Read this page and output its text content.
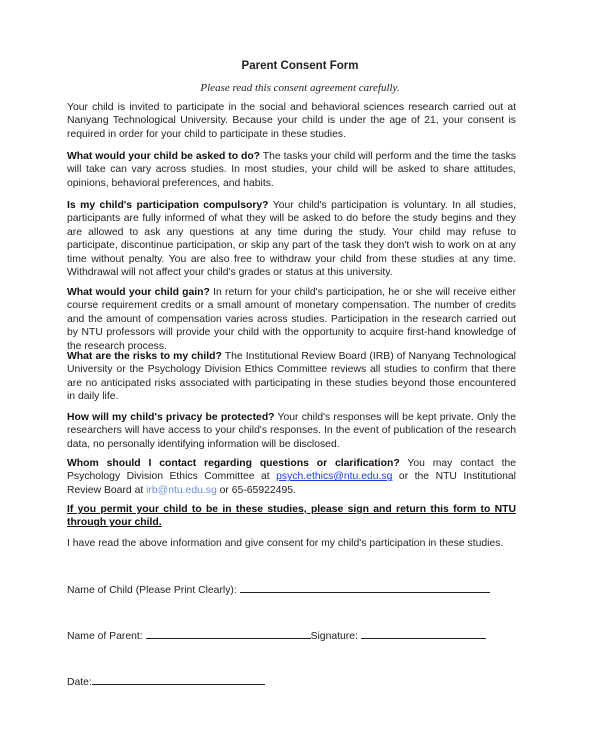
Parent Consent Form
Please read this consent agreement carefully.
Your child is invited to participate in the social and behavioral sciences research carried out at Nanyang Technological University. Because your child is under the age of 21, your consent is required in order for your child to participate in these studies.
What would your child be asked to do? The tasks your child will perform and the time the tasks will take can vary across studies. In most studies, your child will be asked to share attitudes, opinions, behavioral preferences, and habits.
Is my child's participation compulsory? Your child's participation is voluntary. In all studies, participants are fully informed of what they will be asked to do before the study begins and they are allowed to ask any questions at any time during the study. Your child may refuse to participate, discontinue participation, or skip any part of the task they don't wish to work on at any time without penalty. You are also free to withdraw your child from these studies at any time. Withdrawal will not affect your child's grades or status at this university.
What would your child gain? In return for your child's participation, he or she will receive either course requirement credits or a small amount of monetary compensation. The number of credits and the amount of compensation varies across studies. Participation in the research carried out by NTU professors will provide your child with the opportunity to acquire first-hand knowledge of the research process.
What are the risks to my child? The Institutional Review Board (IRB) of Nanyang Technological University or the Psychology Division Ethics Committee reviews all studies to confirm that there are no anticipated risks associated with participating in these studies beyond those encountered in daily life.
How will my child's privacy be protected? Your child's responses will be kept private. Only the researchers will have access to your child's responses. In the event of publication of the research data, no personally identifying information will be disclosed.
Whom should I contact regarding questions or clarification? You may contact the Psychology Division Ethics Committee at psych.ethics@ntu.edu.sg or the NTU Institutional Review Board at irb@ntu.edu.sg or 65-65922495.
If you permit your child to be in these studies, please sign and return this form to NTU through your child.
I have read the above information and give consent for my child's participation in these studies.
Name of Child (Please Print Clearly):
Name of Parent:	Signature:
Date:
